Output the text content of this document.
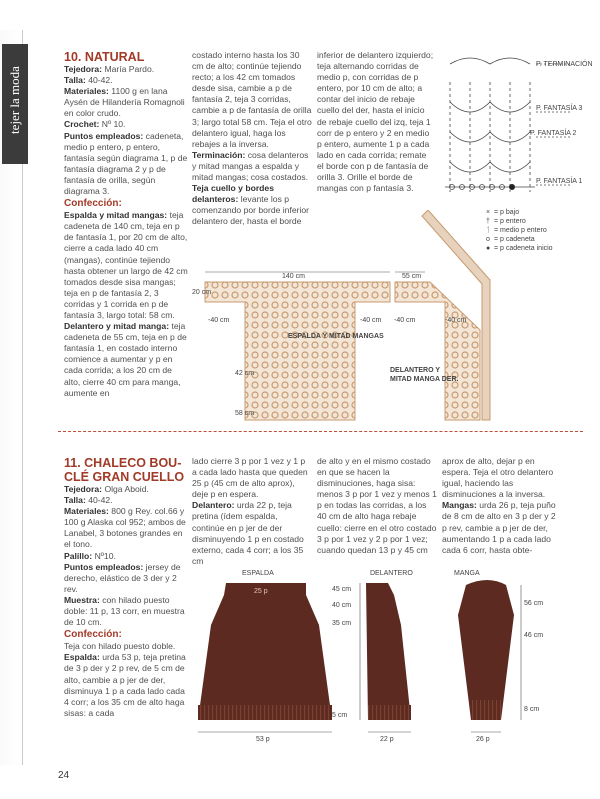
tejer la moda

10. NATURAL

Tejedora: María Pardo.

Talla: 40-42.

Materiales: 1100 g en lana Aysén de Hilandería Romagnoli en color crudo.

Crochet: Nº 10.

Puntos empleados: cadeneta, medio p entero, p entero, fantasía según diagrama 1, p de fantasía diagrama 2 y p de fantasía de orilla, según diagrama 3.

Confección:

Espalda y mitad mangas: teja cadeneta de 140 cm, teja en p de fantasía 1, por 20 cm de alto, cierre a cada lado 40 cm (mangas), continúe tejiendo hasta obtener un largo de 42 cm tomados desde sisa mangas; teja en p de fantasía 2, 3 corridas y 1 corrida en p de fantasía 3, largo total: 58 cm.

Delantero y mitad manga: teja cadeneta de 55 cm, teja en p de fantasía 1, en costado interno comience a aumentar y p en cada corrida; a los 20 cm de alto, cierre 40 cm para manga, aumente en

costado interno hasta los 30 cm de alto; continúe tejiendo recto; a los 42 cm tomados desde sisa, cambie a p de fantasía 2, teja 3 corridas, cambie a p de fantasía de orilla 3; largo total 58 cm. Teja el otro delantero igual, haga los rebajes a la inversa.

Terminación: cosa delanteros y mitad mangas a espalda y mitad mangas; cosa costados.

Teja cuello y bordes delanteros: levante los p comenzando por borde inferior delantero der, hasta el borde

inferior de delantero izquierdo; teja alternando corridas de medio p, con corridas de p entero, por 10 cm de alto; a contar del inicio de rebaje cuello del der, hasta el inicio de rebaje cuello del izq, teja 1 corr de p entero y 2 en medio p entero, aumente 1 p a cada lado en cada corrida; remate el borde con p de fantasía de orilla 3. Orille el borde de mangas con p fantasía 3.

P. TERMINACIÓN
P. FANTASÍA 3
P. FANTASÍA 2
P. FANTASÍA 1
× = p bajo
† = p entero
ᛐ = medio p entero
o = p cadeneta
● = p cadeneta inicio
140 cm
20 cm
-40 cm	-40 cm
42 cm
58 cm
ESPALDA Y MITAD MANGAS
55 cm
-40 cm	-40 cm
DELANTERO Y
MITAD MANGA DER.

11. CHALECO BOU-

CLÉ GRAN CUELLO

Tejedora: Olga Aboid.

Talla: 40-42.

Materiales: 800 g Rey. col.66 y 100 g Alaska col 952; ambos de Lanabel, 3 botones grandes en el tono.

Palillo: Nº10.

Puntos empleados: jersey de derecho, elástico de 3 der y 2 rev.

Muestra: con hilado puesto doble: 11 p, 13 corr, en muestra de 10 cm.

Confección:

Teja con hilado puesto doble.

Espalda: urda 53 p, teja pretina de 3 p der y 2 p rev, de 5 cm de alto, cambie a p jer de der, disminuya 1 p a cada lado cada 4 corr; a los 35 cm de alto haga sisas: a cada

lado cierre 3 p por 1 vez y 1 p a cada lado hasta que queden 25 p (45 cm de alto aprox), deje p en espera.

Delantero: urda 22 p, teja pretina (ídem espalda, continúe en p jer de der disminuyendo 1 p en costado externo, cada 4 corr; a los 35 cm

de alto y en el mismo costado en que se hacen la disminuciones, haga sisa: menos 3 p por 1 vez y menos 1 p en todas las corridas, a los 40 cm de alto haga rebaje cuello: cierre en el otro costado 3 p por 1 vez y 2 p por 1 vez; cuando quedan 13 p y 45 cm

aprox de alto, dejar p en espera. Teja el otro delantero igual, haciendo las disminuciones a la inversa.

Mangas: urda 26 p, teja puño de 8 cm de alto en 3 p der y 2 p rev, cambie a p jer de der, aumentando 1 p a cada lado cada 6 corr, hasta obte-

ESPALDA	DELANTERO	MANGA
25 p
53 p
45 cm
40 cm
35 cm
5 cm
22 p
56 cm
46 cm
8 cm
26 p
24
